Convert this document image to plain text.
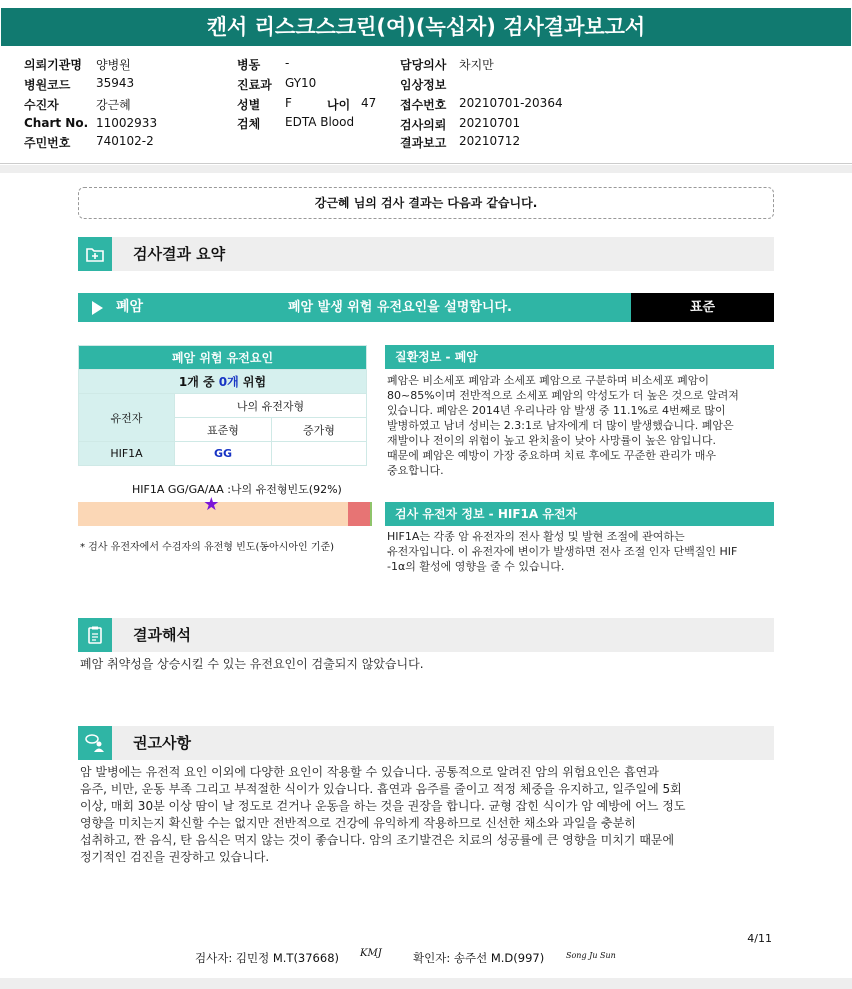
캔서 리스크스크린(여)(녹십자) 검사결과보고서
의뢰기관명 양병원
병원코드 35943
수진자	강근혜
Chart No. 11002933
주민번호 740102-2
병동 -
진료과 GY10
성별 F	나이 47
검체 EDTA Blood
담당의사 차지만
임상정보
접수번호 20210701-20364
검사의뢰 20210701
결과보고 20210712
강근혜 님의 검사 결과는 다음과 같습니다.
검사결과 요약
폐암	폐암 발생 위험 유전요인을 설명합니다.	표준
폐암 위험 유전요인		
1개 중 0개 위험		
유전자	나의 유전자형	
	표준형	증가형
HIF1A	GG	
HIF1A GG/GA/AA :나의 유전형빈도(92%)
★
* 검사 유전자에서 수검자의 유전형 빈도(동아시아인 기준)
질환정보 - 폐암
폐암은 비소세포 폐암과 소세포 폐암으로 구분하며 비소세포 폐암이
80~85%이며 전반적으로 소세포 폐암의 악성도가 더 높은 것으로 알려져
있습니다. 폐암은 2014년 우리나라 암 발생 중 11.1%로 4번째로 많이
발병하였고 남녀 성비는 2.3:1로 남자에게 더 많이 발생했습니다. 폐암은
재발이나 전이의 위험이 높고 완치율이 낮아 사망률이 높은 암입니다.
때문에 폐암은 예방이 가장 중요하며 치료 후에도 꾸준한 관리가 매우
중요합니다.
검사 유전자 정보 - HIF1A 유전자
HIF1A는 각종 암 유전자의 전사 활성 및 발현 조절에 관여하는
유전자입니다. 이 유전자에 변이가 발생하면 전사 조절 인자 단백질인 HIF
-1α의 활성에 영향을 줄 수 있습니다.
결과해석
폐암 취약성을 상승시킬 수 있는 유전요인이 검출되지 않았습니다.
권고사항
암 발병에는 유전적 요인 이외에 다양한 요인이 작용할 수 있습니다. 공통적으로 알려진 암의 위험요인은 흡연과
음주, 비만, 운동 부족 그리고 부적절한 식이가 있습니다. 흡연과 음주를 줄이고 적정 체중을 유지하고, 일주일에 5회
이상, 매회 30분 이상 땀이 날 정도로 걷거나 운동을 하는 것을 권장을 합니다. 균형 잡힌 식이가 암 예방에 어느 정도
영향을 미치는지 확신할 수는 없지만 전반적으로 건강에 유익하게 작용하므로 신선한 채소와 과일을 충분히
섭취하고, 짠 음식, 탄 음식은 먹지 않는 것이 좋습니다. 암의 조기발견은 치료의 성공률에 큰 영향을 미치기 때문에
정기적인 검진을 권장하고 있습니다.
4/11
검사자: 김민정 M.T(37668) KMJ	확인자: 송주선 M.D(997)	Song Ju Sun
